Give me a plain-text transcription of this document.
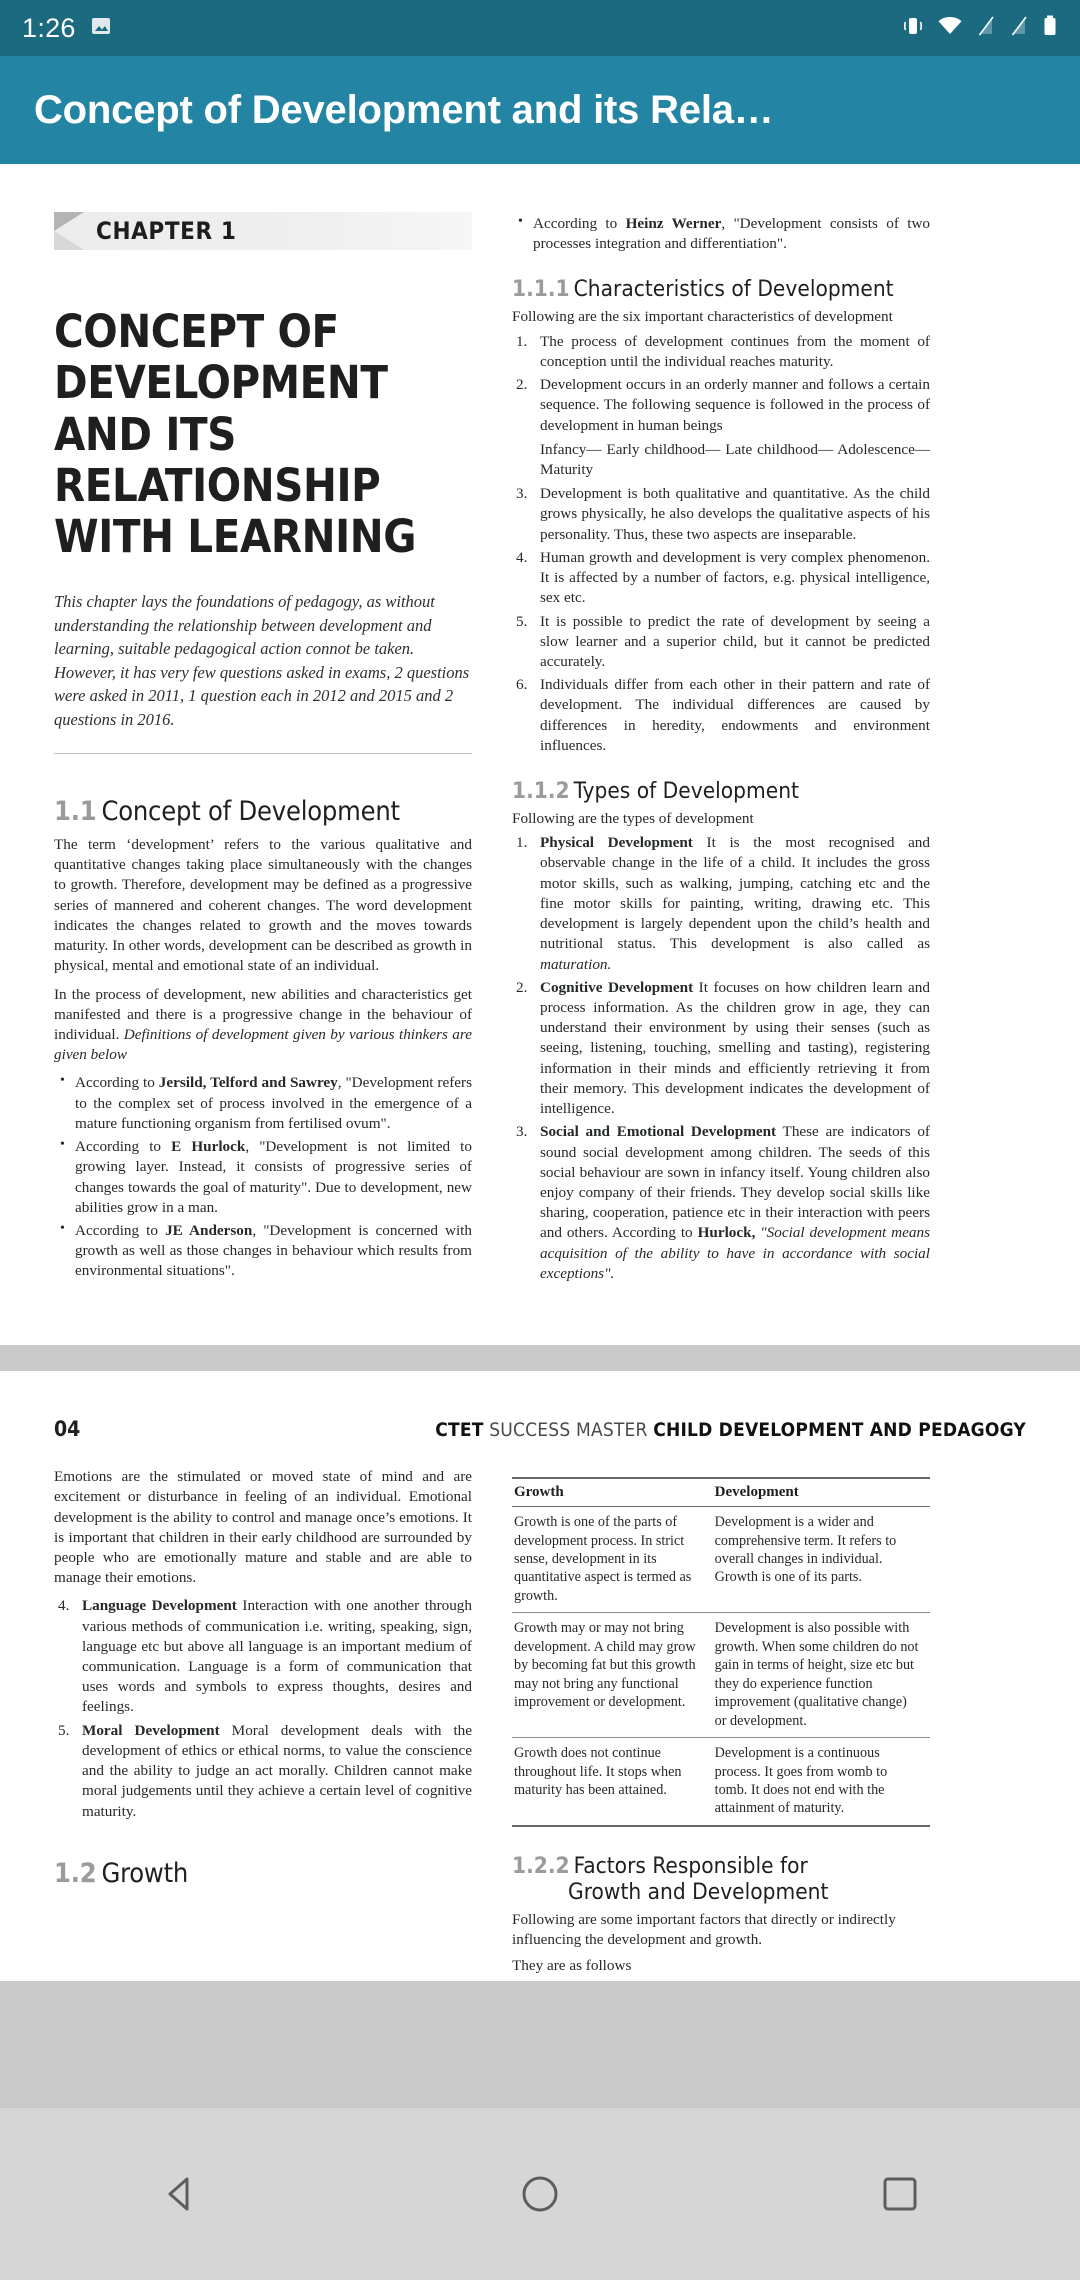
1:26
Concept of Development and its Rela…
CHAPTER 1
CONCEPT OF DEVELOPMENT AND ITS RELATIONSHIP WITH LEARNING
This chapter lays the foundations of pedagogy, as without understanding the relationship between development and learning, suitable pedagogical action connot be taken. However, it has very few questions asked in exams, 2 questions were asked in 2011, 1 question each in 2012 and 2015 and 2 questions in 2016.
1.1 Concept of Development

The term ‘development’ refers to the various qualitative and quantitative changes taking place simultaneously with the changes to growth. Therefore, development may be defined as a progressive series of mannered and coherent changes. The word development indicates the changes related to growth and the moves towards maturity. In other words, development can be described as growth in physical, mental and emotional state of an individual.

In the process of development, new abilities and characteristics get manifested and there is a progressive change in the behaviour of individual. Definitions of development given by various thinkers are given below

• According to Jersild, Telford and Sawrey, "Development refers to the complex set of process involved in the emergence of a mature functioning organism from fertilised ovum".
• According to E Hurlock, "Development is not limited to growing layer. Instead, it consists of progressive series of changes towards the goal of maturity". Due to development, new abilities grow in a man.
• According to JE Anderson, "Development is concerned with growth as well as those changes in behaviour which results from environmental situations".
• According to Heinz Werner, "Development consists of two processes integration and differentiation".
1.1.1 Characteristics of Development

Following are the six important characteristics of development

The process of development continues from the moment of conception until the individual reaches maturity.
Development occurs in an orderly manner and follows a certain sequence. The following sequence is followed in the process of development in human beings
Infancy— Early childhood— Late childhood— Adolescence— Maturity
Development is both qualitative and quantitative. As the child grows physically, he also develops the qualitative aspects of his personality. Thus, these two aspects are inseparable.
Human growth and development is very complex phenomenon. It is affected by a number of factors, e.g. physical intelligence, sex etc.
It is possible to predict the rate of development by seeing a slow learner and a superior child, but it cannot be predicted accurately.
Individuals differ from each other in their pattern and rate of development. The individual differences are caused by differences in heredity, endowments and environment influences.
1.1.2 Types of Development

Following are the types of development

Physical Development It is the most recognised and observable change in the life of a child. It includes the gross motor skills, such as walking, jumping, catching etc and the fine motor skills for painting, writing, drawing etc. This development is largely dependent upon the child’s health and nutritional status. This development is also called as maturation.
Cognitive Development It focuses on how children learn and process information. As the children grow in age, they can understand their environment by using their senses (such as seeing, listening, touching, smelling and tasting), registering information in their minds and efficiently retrieving it from their memory. This development indicates the development of intelligence.
Social and Emotional Development These are indicators of sound social development among children. The seeds of this social behaviour are sown in infancy itself. Young children also enjoy company of their friends. They develop social skills like sharing, cooperation, patience etc in their interaction with peers and others. According to Hurlock, "Social development means acquisition of the ability to have in accordance with social exceptions".
04	CTET SUCCESS MASTER CHILD DEVELOPMENT AND PEDAGOGY

Emotions are the stimulated or moved state of mind and are excitement or disturbance in feeling of an individual. Emotional development is the ability to control and manage once’s emotions. It is important that children in their early childhood are surrounded by people who are emotionally mature and stable and are able to manage their emotions.

Language Development Interaction with one another through various methods of communication i.e. writing, speaking, sign, language etc but above all language is an important medium of communication. Language is a form of communication that uses words and symbols to express thoughts, desires and feelings.
Moral Development Moral development deals with the development of ethics or ethical norms, to value the conscience and the ability to judge an act morally. Children cannot make moral judgements until they achieve a certain level of cognitive maturity.
1.2 Growth
Growth	Development
Growth is one of the parts of development process. In strict sense, development in its quantitative aspect is termed as growth.	Development is a wider and comprehensive term. It refers to overall changes in individual. Growth is one of its parts.
Growth may or may not bring development. A child may grow by becoming fat but this growth may not bring any functional improvement or development.	Development is also possible with growth. When some children do not gain in terms of height, size etc but they do experience function improvement (qualitative change) or development.
Growth does not continue throughout life. It stops when maturity has been attained.	Development is a continuous process. It goes from womb to tomb. It does not end with the attainment of maturity.
1.2.2 Factors Responsible for
Growth and Development

Following are some important factors that directly or indirectly influencing the development and growth.

They are as follows
